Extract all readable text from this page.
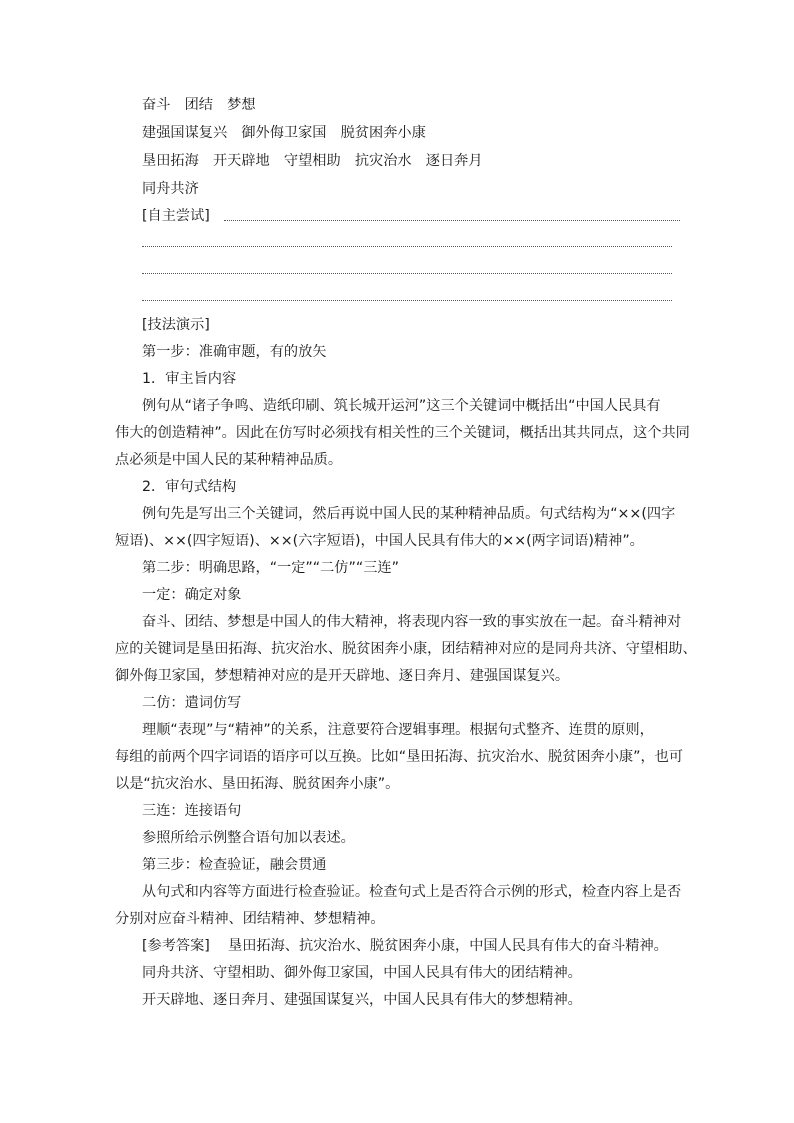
奋斗　团结　梦想
建强国谋复兴　御外侮卫家国　脱贫困奔小康
垦田拓海　开天辟地　守望相助　抗灾治水　逐日奔月
同舟共济
[自主尝试]
[技法演示]
第一步：准确审题，有的放矢
1．审主旨内容
例句从“诸子争鸣、造纸印刷、筑长城开运河”这三个关键词中概括出“中国人民具有
伟大的创造精神”。因此在仿写时必须找有相关性的三个关键词，概括出其共同点，这个共同
点必须是中国人民的某种精神品质。
2．审句式结构
例句先是写出三个关键词，然后再说中国人民的某种精神品质。句式结构为“××(四字
短语)、××(四字短语)、××(六字短语)，中国人民具有伟大的××(两字词语)精神”。
第二步：明确思路，“一定”“二仿”“三连”
一定：确定对象
奋斗、团结、梦想是中国人的伟大精神，将表现内容一致的事实放在一起。奋斗精神对
应的关键词是垦田拓海、抗灾治水、脱贫困奔小康，团结精神对应的是同舟共济、守望相助、
御外侮卫家国，梦想精神对应的是开天辟地、逐日奔月、建强国谋复兴。
二仿：遣词仿写
理顺“表现”与“精神”的关系，注意要符合逻辑事理。根据句式整齐、连贯的原则，
每组的前两个四字词语的语序可以互换。比如“垦田拓海、抗灾治水、脱贫困奔小康”，也可
以是“抗灾治水、垦田拓海、脱贫困奔小康”。
三连：连接语句
参照所给示例整合语句加以表述。
第三步：检查验证，融会贯通
从句式和内容等方面进行检查验证。检查句式上是否符合示例的形式，检查内容上是否
分别对应奋斗精神、团结精神、梦想精神。
[参考答案]	垦田拓海、抗灾治水、脱贫困奔小康，中国人民具有伟大的奋斗精神。
同舟共济、守望相助、御外侮卫家国，中国人民具有伟大的团结精神。
开天辟地、逐日奔月、建强国谋复兴，中国人民具有伟大的梦想精神。
